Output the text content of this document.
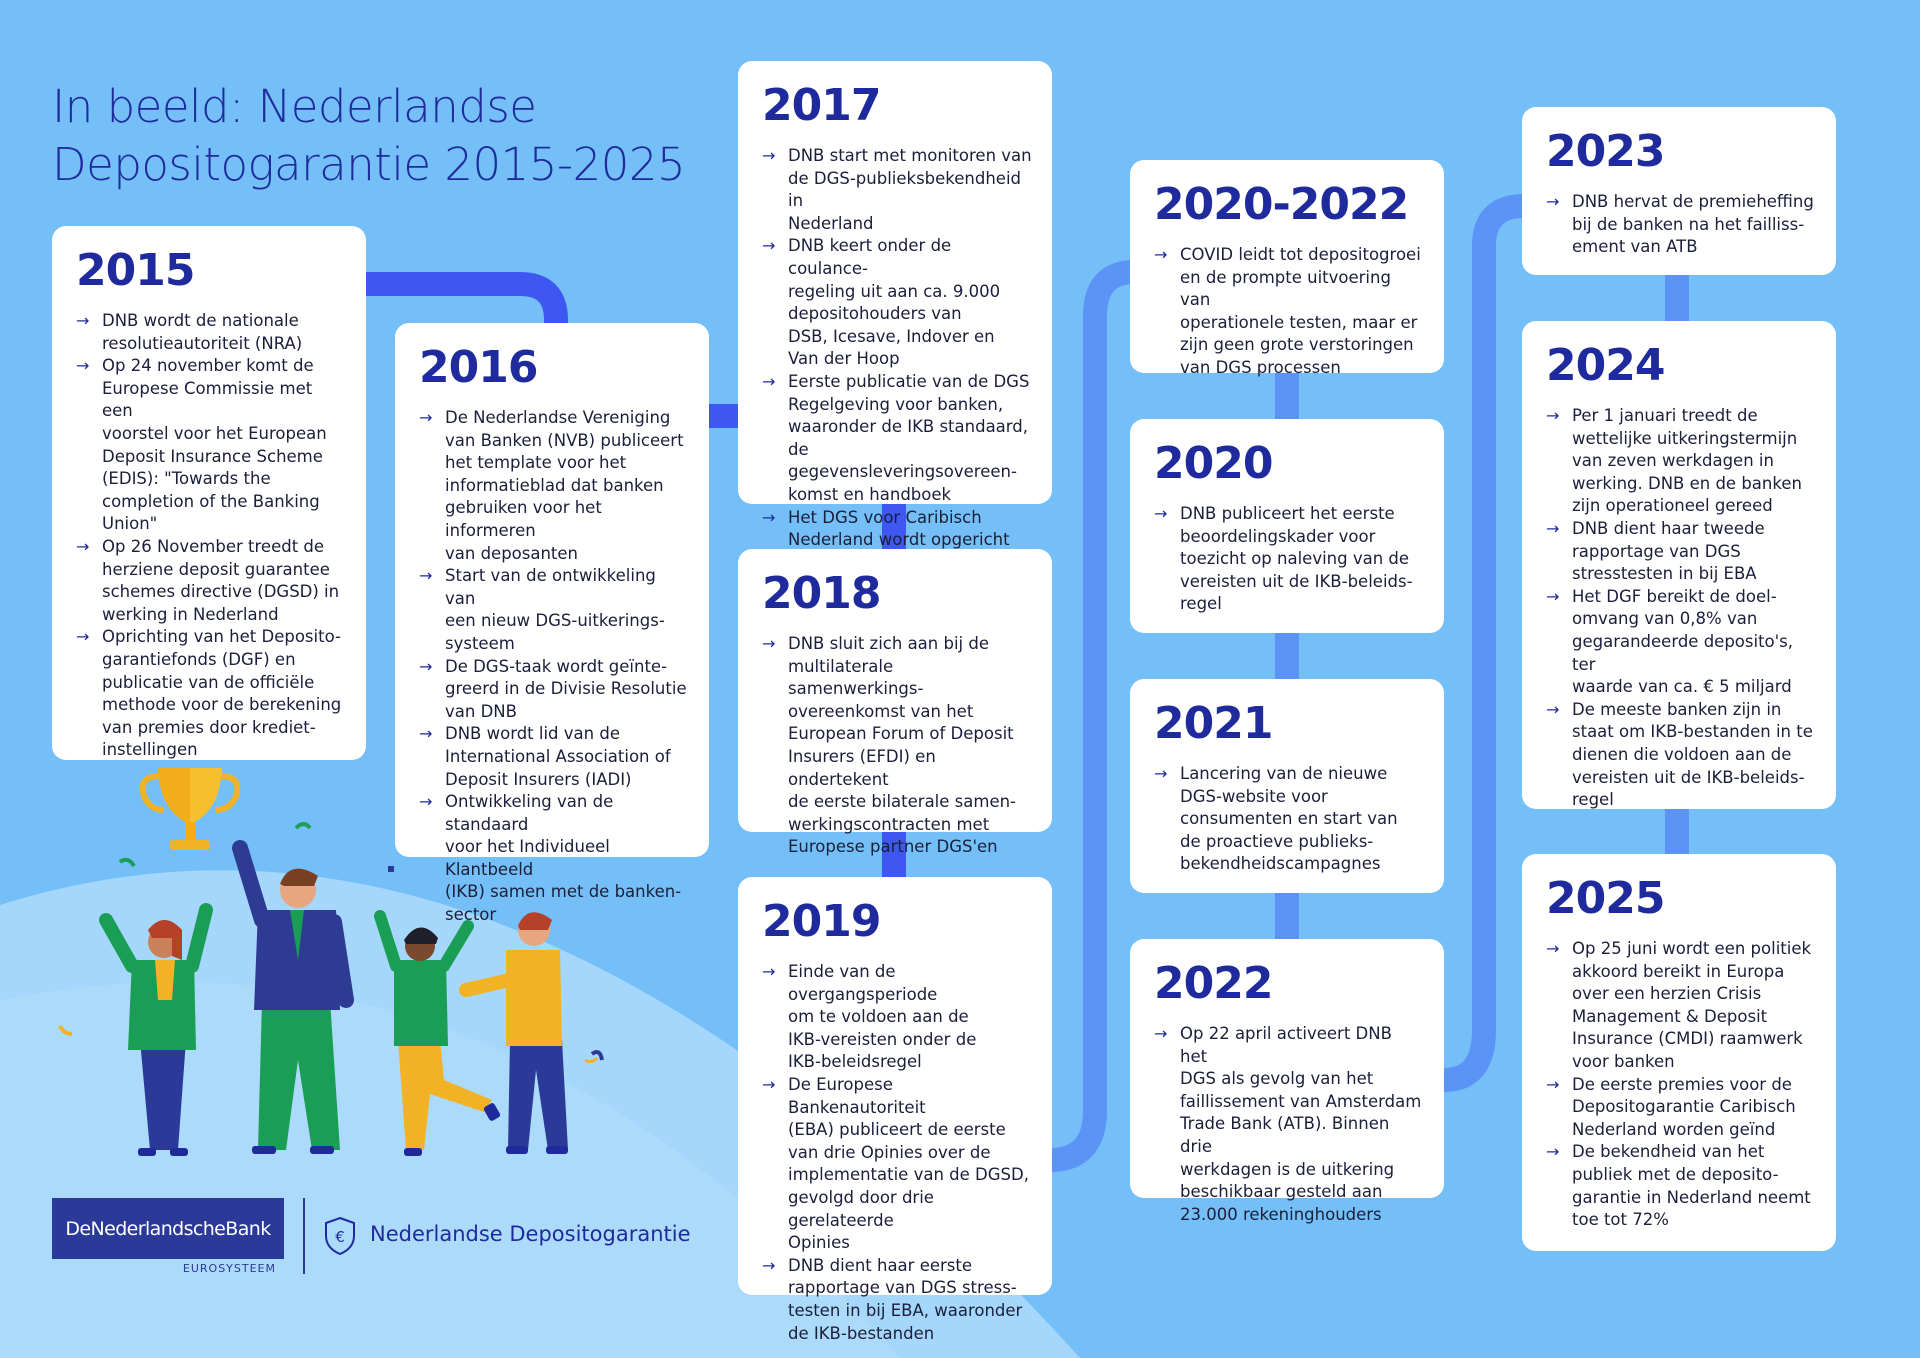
In beeld: Nederlandse
Depositogarantie 2015-2025
2015
→ DNB wordt de nationale
resolutieautoriteit (NRA)
→ Op 24 november komt de
Europese Commissie met een
voorstel voor het European
Deposit Insurance Scheme
(EDIS): "Towards the
completion of the Banking
Union"
→ Op 26 November treedt de
herziene deposit guarantee
schemes directive (DGSD) in
werking in Nederland
→ Oprichting van het Deposito-
garantiefonds (DGF) en
publicatie van de officiële
methode voor de berekening
van premies door krediet-
instellingen
2016
→ De Nederlandse Vereniging
van Banken (NVB) publiceert
het template voor het
informatieblad dat banken
gebruiken voor het informeren
van deposanten
→ Start van de ontwikkeling van
een nieuw DGS-uitkerings-
systeem
→ De DGS-taak wordt geïnte-
greerd in de Divisie Resolutie
van DNB
→ DNB wordt lid van de
International Association of
Deposit Insurers (IADI)
→ Ontwikkeling van de standaard
voor het Individueel Klantbeeld
(IKB) samen met de banken-
sector
2017
→ DNB start met monitoren van
de DGS-publieksbekendheid in
Nederland
→ DNB keert onder de coulance-
regeling uit aan ca. 9.000
depositohouders van
DSB, Icesave, Indover en
Van der Hoop
→ Eerste publicatie van de DGS
Regelgeving voor banken,
waaronder de IKB standaard,
de gegevensleveringsovereen-
komst en handboek
→ Het DGS voor Caribisch
Nederland wordt opgericht
2018
→ DNB sluit zich aan bij de
multilaterale samenwerkings-
overeenkomst van het
European Forum of Deposit
Insurers (EFDI) en ondertekent
de eerste bilaterale samen-
werkingscontracten met
Europese partner DGS'en
2019
→ Einde van de overgangsperiode
om te voldoen aan de
IKB-vereisten onder de
IKB-beleidsregel
→ De Europese Bankenautoriteit
(EBA) publiceert de eerste
van drie Opinies over de
implementatie van de DGSD,
gevolgd door drie gerelateerde
Opinies
→ DNB dient haar eerste
rapportage van DGS stress-
testen in bij EBA, waaronder
de IKB-bestanden
2020-2022
→ COVID leidt tot depositogroei
en de prompte uitvoering van
operationele testen, maar er
zijn geen grote verstoringen
van DGS processen
2020
→ DNB publiceert het eerste
beoordelingskader voor
toezicht op naleving van de
vereisten uit de IKB-beleids-
regel
2021
→ Lancering van de nieuwe
DGS-website voor
consumenten en start van
de proactieve publieks-
bekendheidscampagnes
2022
→ Op 22 april activeert DNB het
DGS als gevolg van het
faillissement van Amsterdam
Trade Bank (ATB). Binnen drie
werkdagen is de uitkering
beschikbaar gesteld aan
23.000 rekeninghouders
2023
→ DNB hervat de premieheffing
bij de banken na het failliss-
ement van ATB
2024
→ Per 1 januari treedt de
wettelijke uitkeringstermijn
van zeven werkdagen in
werking. DNB en de banken
zijn operationeel gereed
→ DNB dient haar tweede
rapportage van DGS
stresstesten in bij EBA
→ Het DGF bereikt de doel-
omvang van 0,8% van
gegarandeerde deposito's, ter
waarde van ca. € 5 miljard
→ De meeste banken zijn in
staat om IKB-bestanden in te
dienen die voldoen aan de
vereisten uit de IKB-beleids-
regel
2025
→ Op 25 juni wordt een politiek
akkoord bereikt in Europa
over een herzien Crisis
Management & Deposit
Insurance (CMDI) raamwerk
voor banken
→ De eerste premies voor de
Depositogarantie Caribisch
Nederland worden geïnd
→ De bekendheid van het
publiek met de deposito-
garantie in Nederland neemt
toe tot 72%
DeNederlandscheBank
EUROSYSTEEM
€ Nederlandse Depositogarantie
